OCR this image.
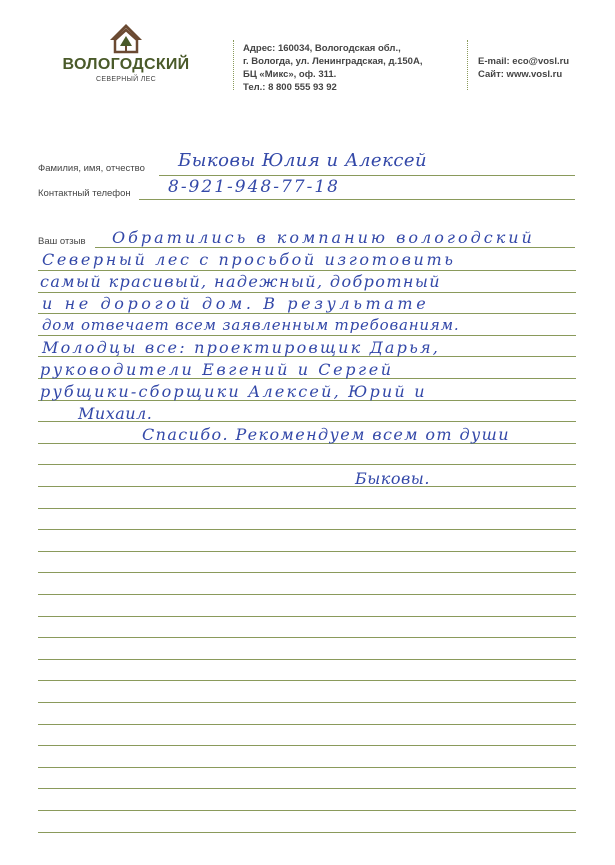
ВОЛОГОДСКИЙ
СЕВЕРНЫЙ ЛЕС
Адрес: 160034, Вологодская обл.,
г. Вологда, ул. Ленинградская, д.150А,
БЦ «Микс», оф. 311.
Тел.: 8 800 555 93 92
E-mail: eco@vosl.ru
Сайт: www.vosl.ru
Фамилия, имя, отчество Быковы Юлия и Алексей
Контактный телефон 8-921-948-77-18
Ваш отзыв Обратились в компанию вологодский
Северный лес с просьбой изготовить
самый красивый, надежный, добротный
и не дорогой дом. В результате
дом отвечает всем заявленным требованиям.
Молодцы все: проектировщик Дарья,
руководители Евгений и Сергей
рубщики-сборщики Алексей, Юрий и
Михаил.
Спасибо. Рекомендуем всем от души
Быковы.
